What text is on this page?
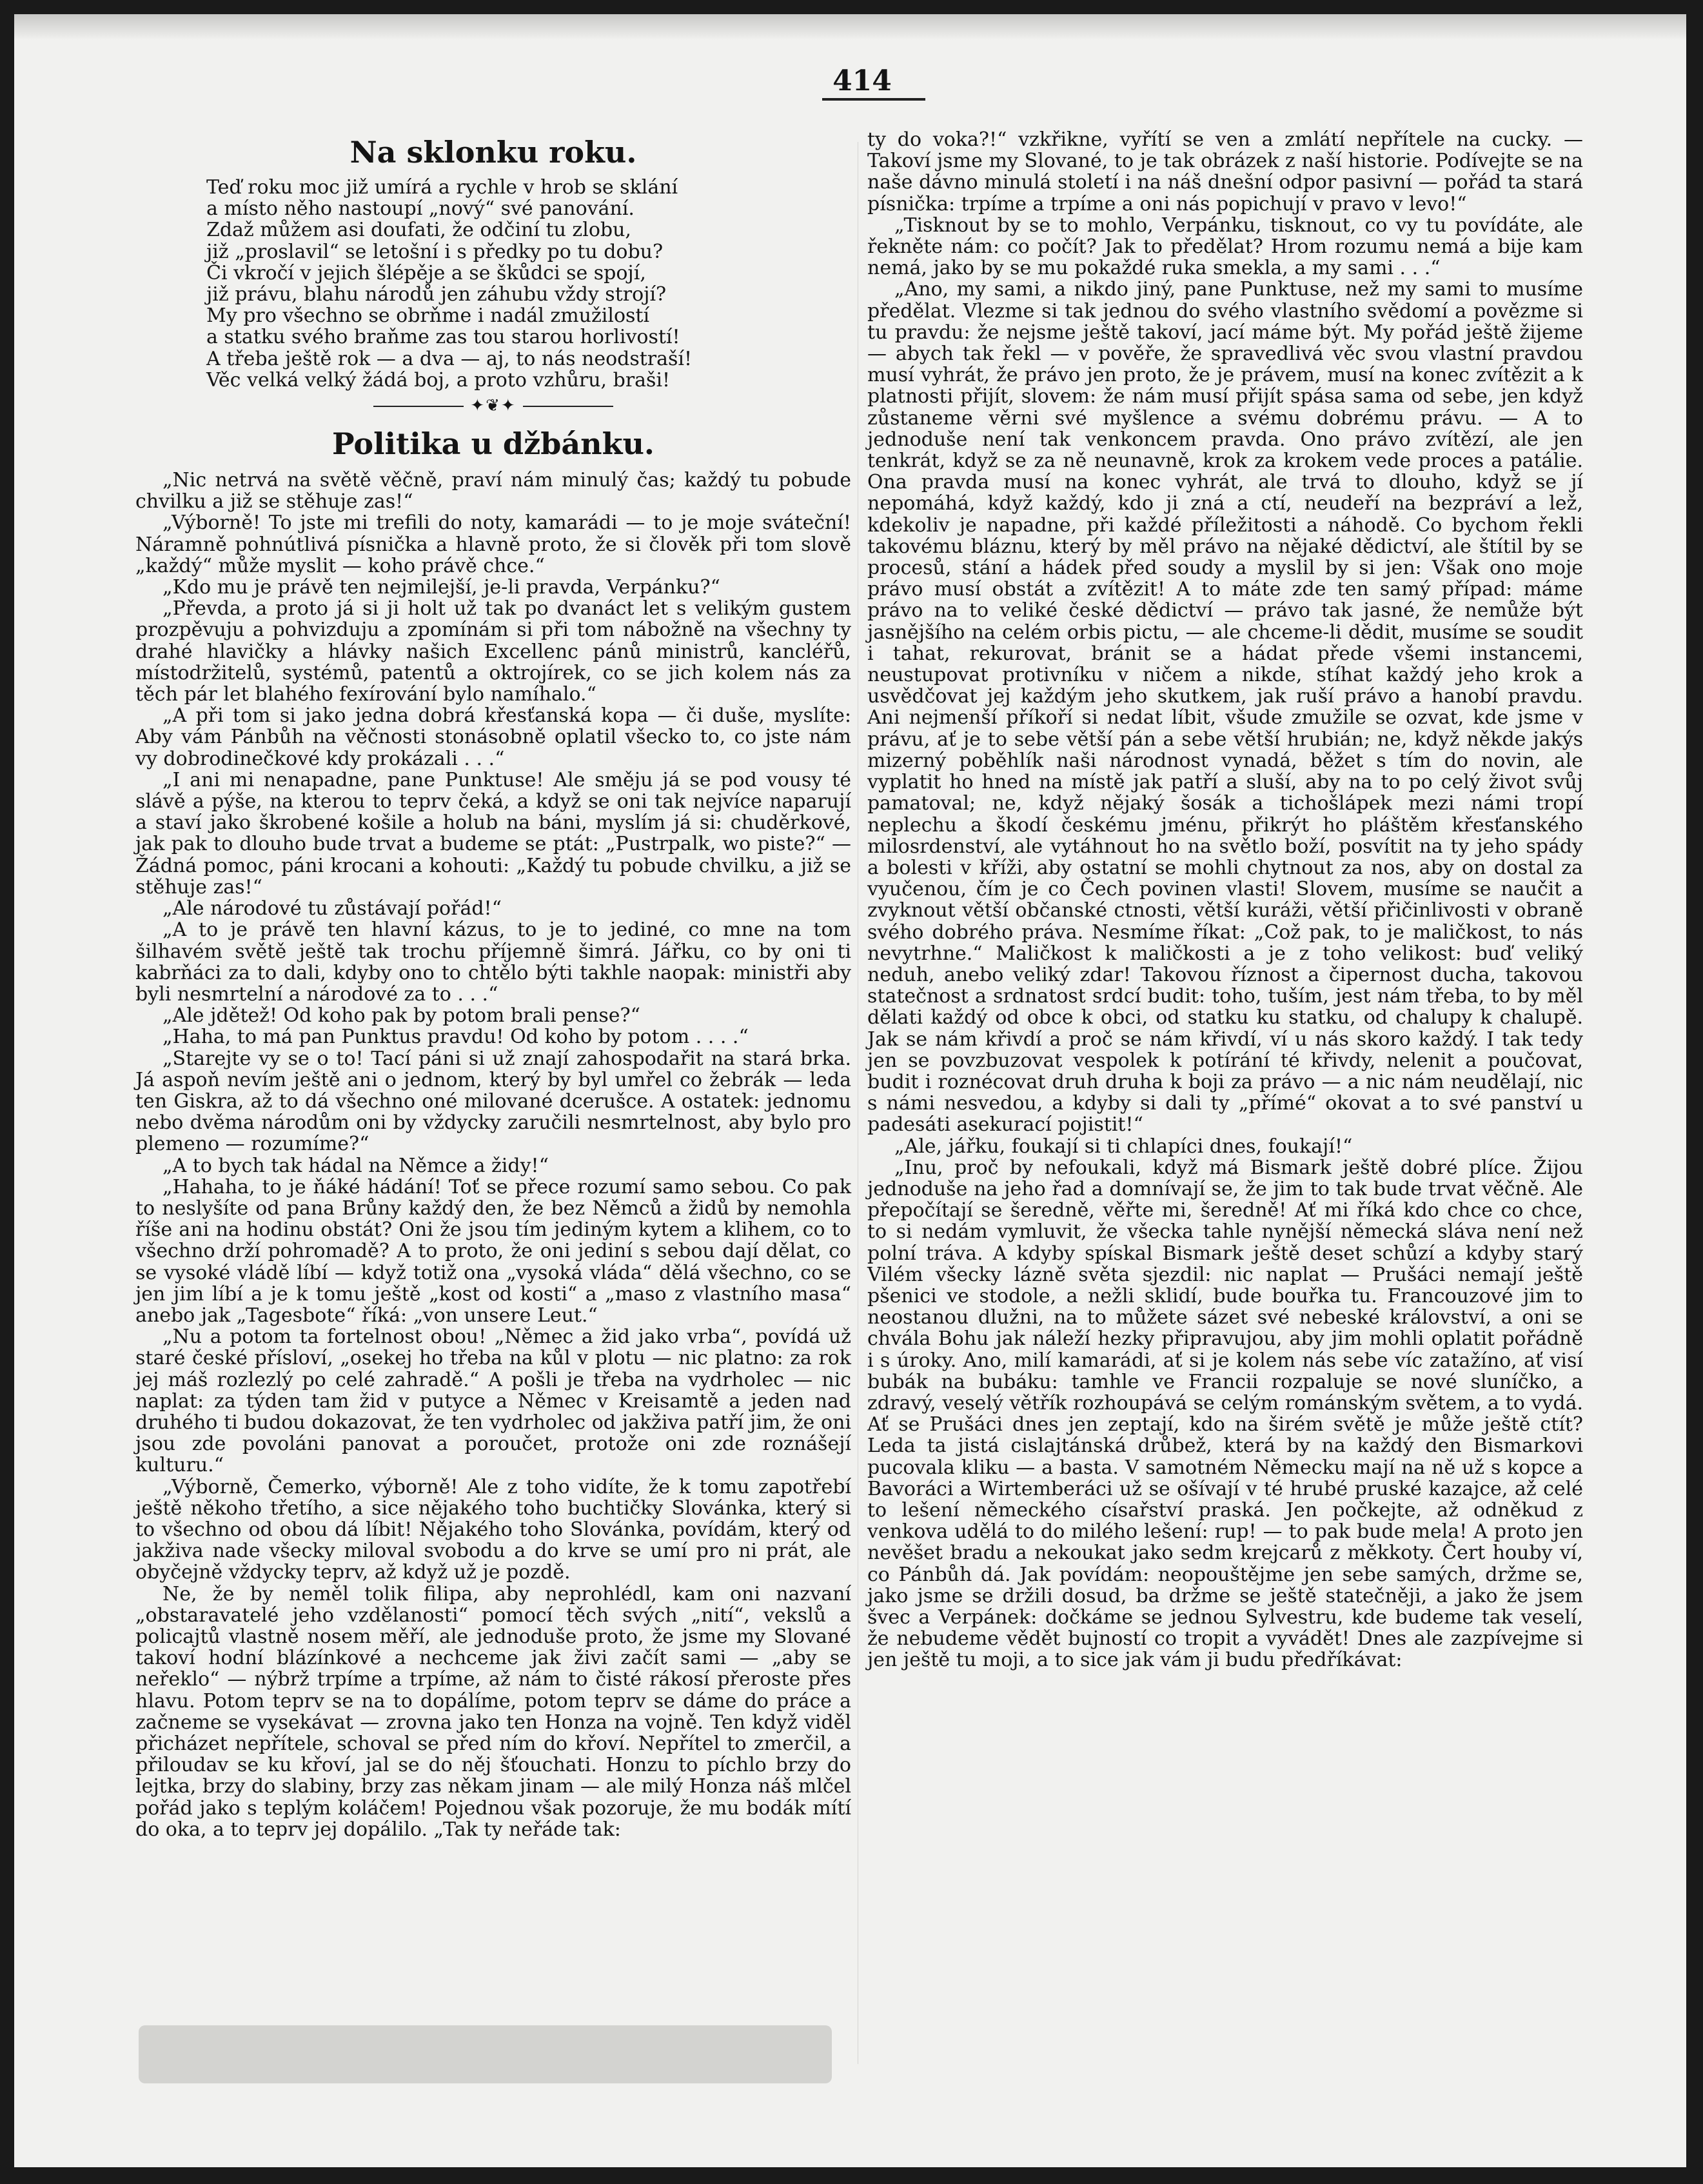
414
Na sklonku roku.
Teď roku moc již umírá a rychle v hrob se sklání
a místo něho nastoupí „nový“ své panování.
Zdaž můžem asi doufati, že odčiní tu zlobu,
již „proslavil“ se letošní i s předky po tu dobu?
Či vkročí v jejich šlépěje a se škůdci se spojí,
již právu, blahu národů jen záhubu vždy strojí?
My pro všechno se obrňme i nadál zmužilostí
a statku svého braňme zas tou starou horlivostí!
A třeba ještě rok — a dva — aj, to nás neodstraší!
Věc velká velký žádá boj, a proto vzhůru, braši!
✦❦✦
Politika u džbánku.

„Nic netrvá na světě věčně, praví nám minulý čas; každý tu pobude chvilku a již se stěhuje zas!“

„Výborně! To jste mi trefili do noty, kamarádi — to je moje sváteční! Náramně pohnútlivá písnička a hlavně proto, že si člověk při tom slově „každý“ může myslit — koho právě chce.“

„Kdo mu je právě ten nejmilejší, je-li pravda, Verpánku?“

„Převda, a proto já si ji holt už tak po dvanáct let s velikým gustem prozpěvuju a pohvizduju a zpomínám si při tom nábožně na všechny ty drahé hlavičky a hlávky našich Excellenc pánů ministrů, kancléřů, místodržitelů, systémů, patentů a oktrojírek, co se jich kolem nás za těch pár let blahého fexírování bylo namíhalo.“

„A při tom si jako jedna dobrá křesťanská kopa — či duše, myslíte: Aby vám Pánbůh na věčnosti stonásobně oplatil všecko to, co jste nám vy dobrodinečkové kdy prokázali . . .“

„I ani mi nenapadne, pane Punktuse! Ale směju já se pod vousy té slávě a pýše, na kterou to teprv čeká, a když se oni tak nejvíce naparují a staví jako škrobené košile a holub na báni, myslím já si: chuděrkové, jak pak to dlouho bude trvat a budeme se ptát: „Pustrpalk, wo piste?“ — Žádná pomoc, páni krocani a kohouti: „Každý tu pobude chvilku, a již se stěhuje zas!“

„Ale národové tu zůstávají pořád!“

„A to je právě ten hlavní kázus, to je to jediné, co mne na tom šilhavém světě ještě tak trochu příjemně šimrá. Jářku, co by oni ti kabrňáci za to dali, kdyby ono to chtělo býti takhle naopak: ministři aby byli nesmrtelní a národové za to . . .“

„Ale jdětež! Od koho pak by potom brali pense?“

„Haha, to má pan Punktus pravdu! Od koho by potom . . . .“

„Starejte vy se o to! Tací páni si už znají zahospodařit na stará brka. Já aspoň nevím ještě ani o jednom, který by byl umřel co žebrák — leda ten Giskra, až to dá všechno oné milované dcerušce. A ostatek: jednomu nebo dvěma národům oni by vždycky zaručili nesmrtelnost, aby bylo pro plemeno — rozumíme?“

„A to bych tak hádal na Němce a židy!“

„Hahaha, to je ňáké hádání! Toť se přece rozumí samo sebou. Co pak to neslyšíte od pana Brůny každý den, že bez Němců a židů by nemohla říše ani na hodinu obstát? Oni že jsou tím jediným kytem a klihem, co to všechno drží pohromadě? A to proto, že oni jediní s sebou dají dělat, co se vysoké vládě líbí — když totiž ona „vysoká vláda“ dělá všechno, co se jen jim líbí a je k tomu ještě „kost od kosti“ a „maso z vlastního masa“ anebo jak „Tagesbote“ říká: „von unsere Leut.“

„Nu a potom ta fortelnost obou! „Němec a žid jako vrba“, povídá už staré české přísloví, „osekej ho třeba na kůl v plotu — nic platno: za rok jej máš rozlezlý po celé zahradě.“ A pošli je třeba na vydrholec — nic naplat: za týden tam žid v putyce a Němec v Kreisamtě a jeden nad druhého ti budou dokazovat, že ten vydrholec od jakživa patří jim, že oni jsou zde povoláni panovat a poroučet, protože oni zde roznášejí kulturu.“

„Výborně, Čemerko, výborně! Ale z toho vidíte, že k tomu zapotřebí ještě někoho třetího, a sice nějakého toho buchtičky Slovánka, který si to všechno od obou dá líbit! Nějakého toho Slovánka, povídám, který od jakživa nade všecky miloval svobodu a do krve se umí pro ni prát, ale obyčejně vždycky teprv, až když už je pozdě.

Ne, že by neměl tolik filipa, aby neprohlédl, kam oni nazvaní „obstaravatelé jeho vzdělanosti“ pomocí těch svých „nití“, vekslů a policajtů vlastně nosem měří, ale jednoduše proto, že jsme my Slované takoví hodní blázínkové a nechceme jak živi začít sami — „aby se neřeklo“ — nýbrž trpíme a trpíme, až nám to čisté rákosí přeroste přes hlavu. Potom teprv se na to dopálíme, potom teprv se dáme do práce a začneme se vysekávat — zrovna jako ten Honza na vojně. Ten když viděl přicházet nepřítele, schoval se před ním do křoví. Nepřítel to zmerčil, a přiloudav se ku křoví, jal se do něj šťouchati. Honzu to píchlo brzy do lejtka, brzy do slabiny, brzy zas někam jinam — ale milý Honza náš mlčel pořád jako s teplým koláčem! Pojednou však pozoruje, že mu bodák mítí do oka, a to teprv jej dopálilo. „Tak ty neřáde tak:

ty do voka?!“ vzkřikne, vyřítí se ven a zmlátí nepřítele na cucky. — Takoví jsme my Slované, to je tak obrázek z naší historie. Podívejte se na naše dávno minulá století i na náš dnešní odpor pasivní — pořád ta stará písnička: trpíme a trpíme a oni nás popichují v pravo v levo!“

„Tisknout by se to mohlo, Verpánku, tisknout, co vy tu povídáte, ale řekněte nám: co počít? Jak to předělat? Hrom rozumu nemá a bije kam nemá, jako by se mu pokaždé ruka smekla, a my sami . . .“

„Ano, my sami, a nikdo jiný, pane Punktuse, než my sami to musíme předělat. Vlezme si tak jednou do svého vlastního svědomí a povězme si tu pravdu: že nejsme ještě takoví, jací máme být. My pořád ještě žijeme — abych tak řekl — v pověře, že spravedlivá věc svou vlastní pravdou musí vyhrát, že právo jen proto, že je právem, musí na konec zvítězit a k platnosti přijít, slovem: že nám musí přijít spása sama od sebe, jen když zůstaneme věrni své myšlence a svému dobrému právu. — A to jednoduše není tak venkoncem pravda. Ono právo zvítězí, ale jen tenkrát, když se za ně neunavně, krok za krokem vede proces a patálie. Ona pravda musí na konec vyhrát, ale trvá to dlouho, když se jí nepomáhá, když každý, kdo ji zná a ctí, neudeří na bezpráví a lež, kdekoliv je napadne, při každé příležitosti a náhodě. Co bychom řekli takovému bláznu, který by měl právo na nějaké dědictví, ale štítil by se procesů, stání a hádek před soudy a myslil by si jen: Však ono moje právo musí obstát a zvítězit! A to máte zde ten samý případ: máme právo na to veliké české dědictví — právo tak jasné, že nemůže být jasnějšího na celém orbis pictu, — ale chceme-li dědit, musíme se soudit i tahat, rekurovat, bránit se a hádat přede všemi instancemi, neustupovat protivníku v ničem a nikde, stíhat každý jeho krok a usvědčovat jej každým jeho skutkem, jak ruší právo a hanobí pravdu. Ani nejmenší příkoří si nedat líbit, všude zmužile se ozvat, kde jsme v právu, ať je to sebe větší pán a sebe větší hrubián; ne, když někde jakýs mizerný poběhlík naši národnost vynadá, běžet s tím do novin, ale vyplatit ho hned na místě jak patří a sluší, aby na to po celý život svůj pamatoval; ne, když nějaký šosák a tichošlápek mezi námi tropí neplechu a škodí českému jménu, přikrýt ho pláštěm křesťanského milosrdenství, ale vytáhnout ho na světlo boží, posvítit na ty jeho spády a bolesti v kříži, aby ostatní se mohli chytnout za nos, aby on dostal za vyučenou, čím je co Čech povinen vlasti! Slovem, musíme se naučit a zvyknout větší občanské ctnosti, větší kuráži, větší přičinlivosti v obraně svého dobrého práva. Nesmíme říkat: „Což pak, to je maličkost, to nás nevytrhne.“ Maličkost k maličkosti a je z toho velikost: buď veliký neduh, anebo veliký zdar! Takovou říznost a čipernost ducha, takovou statečnost a srdnatost srdcí budit: toho, tuším, jest nám třeba, to by měl dělati každý od obce k obci, od statku ku statku, od chalupy k chalupě. Jak se nám křivdí a proč se nám křivdí, ví u nás skoro každý. I tak tedy jen se povzbuzovat vespolek k potírání té křivdy, nelenit a poučovat, budit i roznécovat druh druha k boji za právo — a nic nám neudělají, nic s námi nesvedou, a kdyby si dali ty „přímé“ okovat a to své panství u padesáti asekurací pojistit!“

„Ale, jářku, foukají si ti chlapíci dnes, foukají!“

„Inu, proč by nefoukali, když má Bismark ještě dobré plíce. Žijou jednoduše na jeho řad a domnívají se, že jim to tak bude trvat věčně. Ale přepočítají se šeredně, věřte mi, šeredně! Ať mi říká kdo chce co chce, to si nedám vymluvit, že všecka tahle nynější německá sláva není než polní tráva. A kdyby spískal Bismark ještě deset schůzí a kdyby starý Vilém všecky lázně světa sjezdil: nic naplat — Prušáci nemají ještě pšenici ve stodole, a nežli sklidí, bude bouřka tu. Francouzové jim to neostanou dlužni, na to můžete sázet své nebeské království, a oni se chvála Bohu jak náleží hezky připravujou, aby jim mohli oplatit pořádně i s úroky. Ano, milí kamarádi, ať si je kolem nás sebe víc zatažíno, ať visí bubák na bubáku: tamhle ve Francii rozpaluje se nové sluníčko, a zdravý, veselý větřík rozhoupává se celým románským světem, a to vydá. Ať se Prušáci dnes jen zeptají, kdo na širém světě je může ještě ctít? Leda ta jistá cislajtánská drůbež, která by na každý den Bismarkovi pucovala kliku — a basta. V samotném Německu mají na ně už s kopce a Bavoráci a Wirtemberáci už se ošívají v té hrubé pruské kazajce, až celé to lešení německého císařství praská. Jen počkejte, až odněkud z venkova udělá to do milého lešení: rup! — to pak bude mela! A proto jen nevěšet bradu a nekoukat jako sedm krejcarů z měkkoty. Čert houby ví, co Pánbůh dá. Jak povídám: neopouštějme jen sebe samých, držme se, jako jsme se držili dosud, ba držme se ještě statečněji, a jako že jsem švec a Verpánek: dočkáme se jednou Sylvestru, kde budeme tak veselí, že nebudeme vědět bujností co tropit a vyvádět! Dnes ale zazpívejme si jen ještě tu moji, a to sice jak vám ji budu předříkávat:
